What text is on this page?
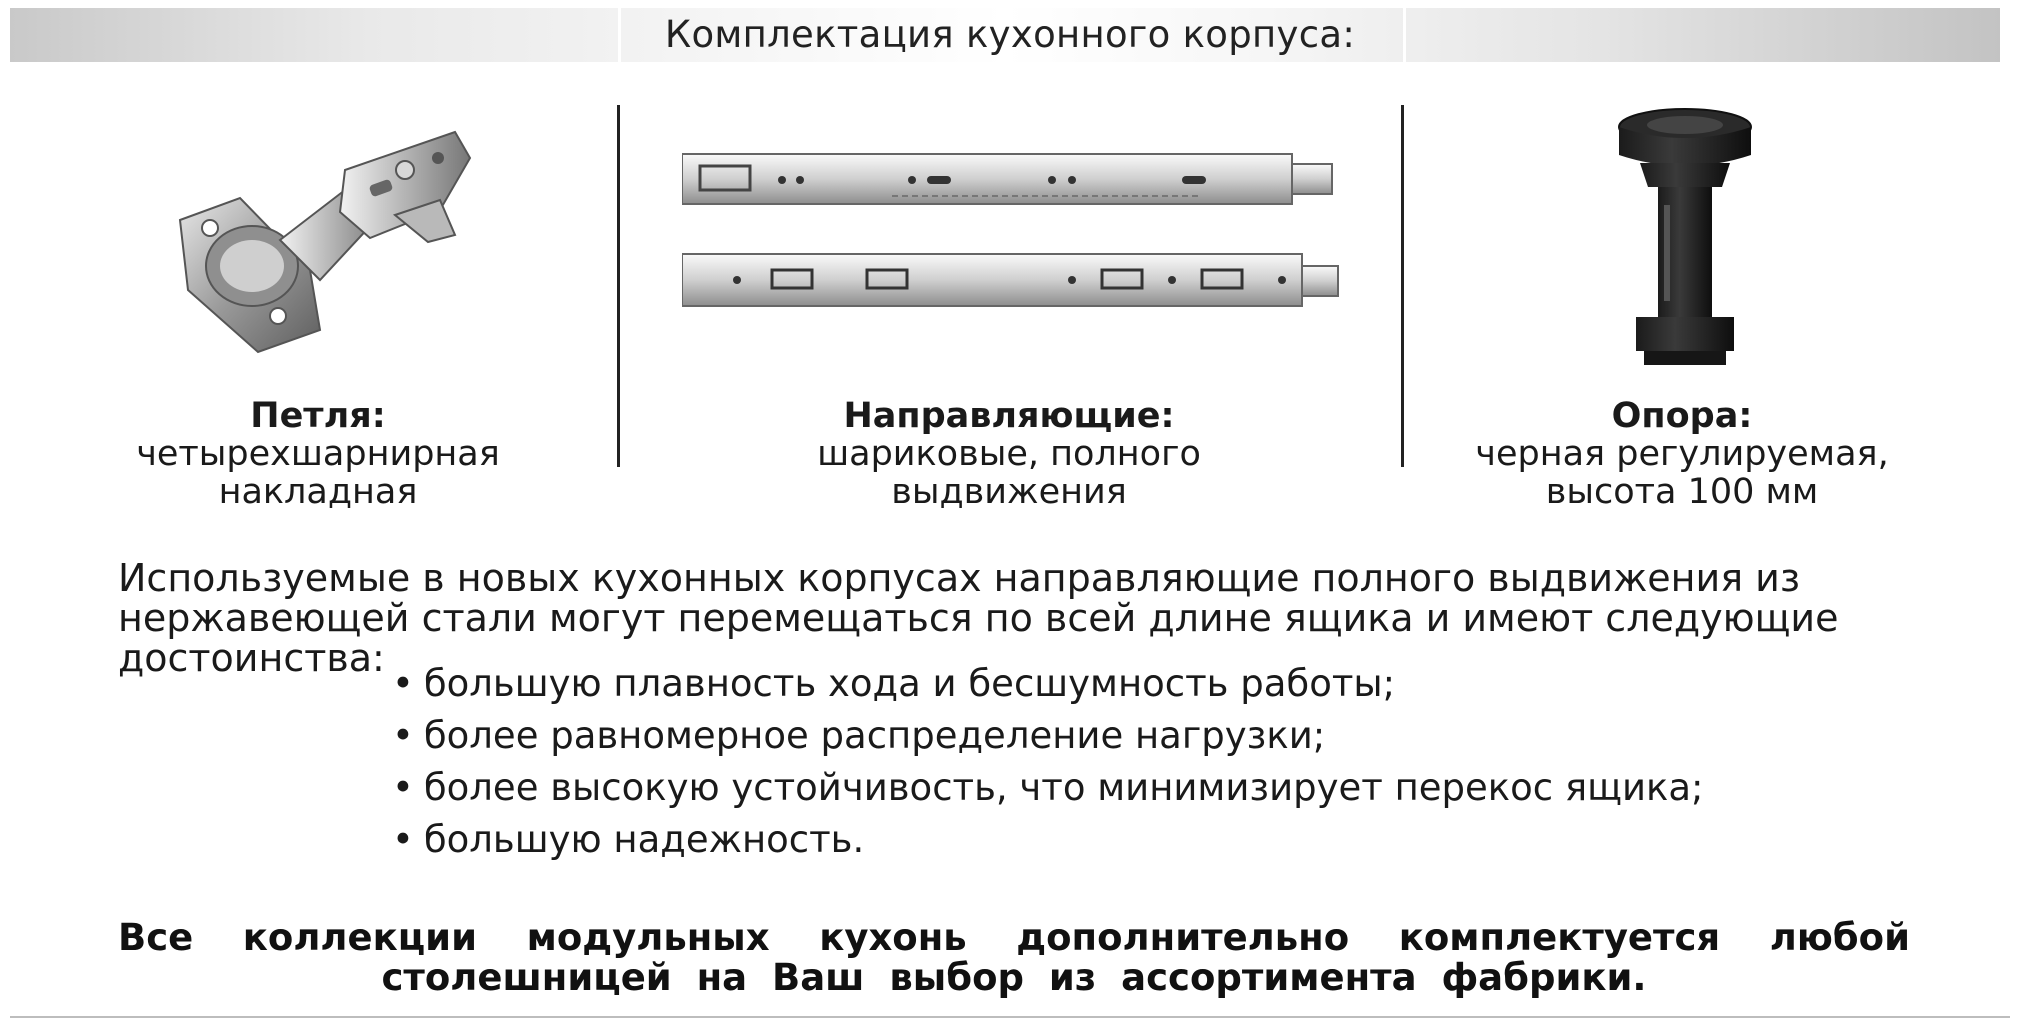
Комплектация кухонного корпуса:
Петля:
четырехшарнирная накладная
Направляющие:
шариковые, полного выдвижения
Опора:
черная регулируемая, высота 100 мм
Используемые в новых кухонных корпусах направляющие полного выдвижения из нержавеющей стали могут перемещаться по всей длине ящика и имеют следующие достоинства:
• большую плавность хода и бесшумность работы;
• более равномерное распределение нагрузки;
• более высокую устойчивость, что минимизирует перекос ящика;
• большую надежность.
Все коллекции модульных кухонь дополнительно комплектуется любой столешницей на Ваш выбор из ассортимента фабрики.
